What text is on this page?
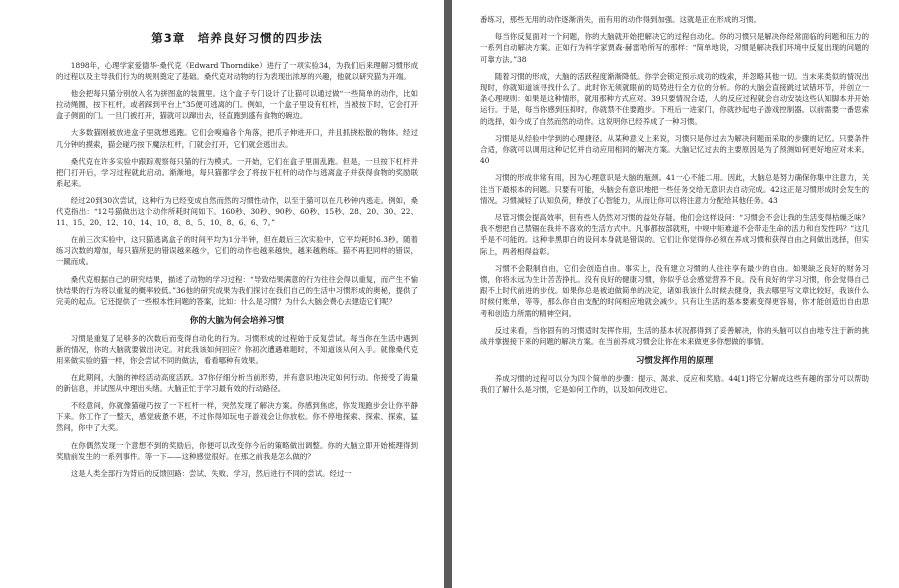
第3章　培养良好习惯的四步法

1898年，心理学家爱德华·桑代克（Edward Thorndike）进行了一项实验34，为我们后来理解习惯形成的过程以及主导我们行为的规则奠定了基础。桑代克对动物的行为表现出浓厚的兴趣，他就以研究猫为开端。

他会把每只猫分别放入名为拼图盒的装置里。这个盒子专门设计了让猫可以通过做“一些简单的动作，比如拉动绳圈，按下杠杆，或者踩到平台上”35便可逃离的门。例如，一个盒子里设有杠杆，当被按下时，它会打开盒子侧面的门。一旦门被打开，猫就可以蹿出去，径直跑到盛有食物的碗边。

大多数猫刚被放进盒子里就想逃跑。它们会嗅遍各个角落，把爪子伸进开口，并且抓挠松散的物体。经过几分钟的摸索，猫会碰巧按下魔法杠杆，门就会打开，它们就会逃出去。

桑代克在许多实验中跟踪观察每只猫的行为模式。一开始，它们在盒子里面乱跑。但是，一旦按下杠杆并把门打开后，学习过程就此启动。渐渐地，每只猫都学会了将按下杠杆的动作与逃离盒子并获得食物的奖励联系起来。

经过20到30次尝试，这种行为已经变成自然而然的习惯性动作，以至于猫可以在几秒钟内逃走。例如，桑代克指出：“12号猫做出这个动作所耗时间如下。160秒、30秒、90秒、60秒、15秒、28、20、30、22、11、15、20、12、10、14、10、8、8、5、10、8、6、6、7。”

在前三次实验中，这只猫逃离盒子的时间平均为1分半钟，但在最后三次实验中，它平均耗时6.3秒。随着练习次数的增加，每只猫所犯的错误越来越少，它们的动作也越来越快，越来越熟练。猫不再犯同样的错误，一蹴而成。

桑代克根据自己的研究结果，描述了动物的学习过程：“导致结果满意的行为往往会得以重复，而产生不愉快结果的行为将以重复的概率较低。”36他的研究成果为我们探讨在我们自己的生活中习惯形成的奥秘，提供了完美的起点。它还提供了一些根本性问题的答案，比如：什么是习惯？为什么大脑会费心去建造它们呢？

你的大脑为何会培养习惯

习惯是重复了足够多的次数后而变得自动化的行为。习惯形成的过程始于反复尝试。每当你在生活中遇到新的情况，你的大脑就要做出决定。对此我该如何回应？你初次遭遇难题时，不知道该从何入手。就像桑代克用来做实验的猫一样，你会尝试不同的做法，看看哪种有效果。

在此期间，大脑的神经活动高度活跃。37你仔细分析当前形势，并有意识地决定如何行动。你接受了海量的新信息，并试图从中理出头绪。大脑正忙于学习最有效的行动路径。

不经意间，你就像猫碰巧按了一下杠杆一样，突然发现了解决方案。你感到焦虑，你发现跑步会让你平静下来。你工作了一整天，感觉疲惫不堪，不过你得知玩电子游戏会让你放松。你不停地探索、探索、探索，猛然间，你中了大奖。

在你偶然发现一个意想不到的奖励后，你便可以改变你今后的策略做出调整。你的大脑立即开始梳理得到奖励前发生的一系列事件。等一下——这种感觉很好。在那之前我是怎么做的？

这是人类全部行为背后的反馈回路：尝试、失败、学习，然后进行不同的尝试。经过一

番练习，那些无用的动作逐渐消失，而有用的动作得到加强。这就是正在形成的习惯。

每当你反复面对一个问题，你的大脑就开始把解决它的过程自动化。你的习惯只是解决你经常面临的问题和压力的一系列自动解决方案。正如行为科学家贾森·赫雷哈所写的那样：“简单地说，习惯是解决我们环境中反复出现的问题的可靠方法。”38

随着习惯的形成，大脑的活跃程度渐渐降低。你学会锁定预示成功的线索，并忽略其他一切。当未来类似的情况出现时，你就知道该寻找什么了。此时你无须就眼前的局势进行全方位的分析。你的大脑会直接跳过试错环节，并创立一条心理规则：如果是这种情形，就用那种方式应对。39只要情况合适，人的反应过程就会自动安装这些认知脚本并开始运行。于是，每当你感到压抑时，你就禁不住要跑步。下班后一进家门，你就抄起电子游戏控制器。以前需要一番思索的选择，如今成了自然而然的动作。这说明你已经养成了一种习惯。

习惯是从经验中学到的心理捷径。从某种意义上来说，习惯只是你过去为解决问题而采取的步骤的记忆。只要条件合适，你就可以调用这种记忆并自动应用相同的解决方案。大脑记忆过去的主要原因是为了预测如何更好地应对未来。40

习惯的形成非常有用，因为心理意识是大脑的瓶颈。41一心不能二用。因此，大脑总是努力确保你集中注意力，关注当下最根本的问题。只要有可能，头脑会有意识地把一些任务交给无意识去自动完成。42这正是习惯形成时会发生的情况。习惯减轻了认知负荷，释放了心智能力，从而让你可以将注意力分配给其他任务。43

尽管习惯会提高效率，但有些人仍然对习惯的益处存疑。他们会这样设问：“习惯会不会让我的生活变得枯燥乏味？我不想把自己禁锢在我并不喜欢的生活方式中。凡事都按部就班，中规中矩难道不会带走生命的活力和自发性吗？”这几乎是不可能的。这种非黑即白的设问本身就是错误的。它们让你觉得你必须在养成习惯和获得自由之间做出选择，但实际上，两者相得益彰。

习惯不会限制自由，它们会创造自由。事实上，没有建立习惯的人往往享有最少的自由。如果缺乏良好的财务习惯，你将永远为生计苦苦挣扎。没有良好的健康习惯，你似乎总会感觉营养不良。没有良好的学习习惯，你会觉得自己跟不上时代前进的步伐。如果你总是被迫做简单的决定，诸如我该什么时候去健身，我去哪里写文章比较好，我该什么时候付账单，等等，那么你自由支配的时间相应地就会减少。只有让生活的基本要素变得更容易，你才能创造出自由思考和创造力所需的精神空间。

反过来看，当你固有的习惯适时发挥作用，生活的基本状况都得到了妥善解决，你的头脑可以自由地专注于新的挑战并掌握接下来的问题的解决方案。在当前养成习惯会让你在未来做更多你想做的事情。

习惯发挥作用的原理

养成习惯的过程可以分为四个简单的步骤：提示、渴求、反应和奖励。44[1]将它分解成这些有趣的部分可以帮助我们了解什么是习惯，它是如何工作的，以及如何改进它。
